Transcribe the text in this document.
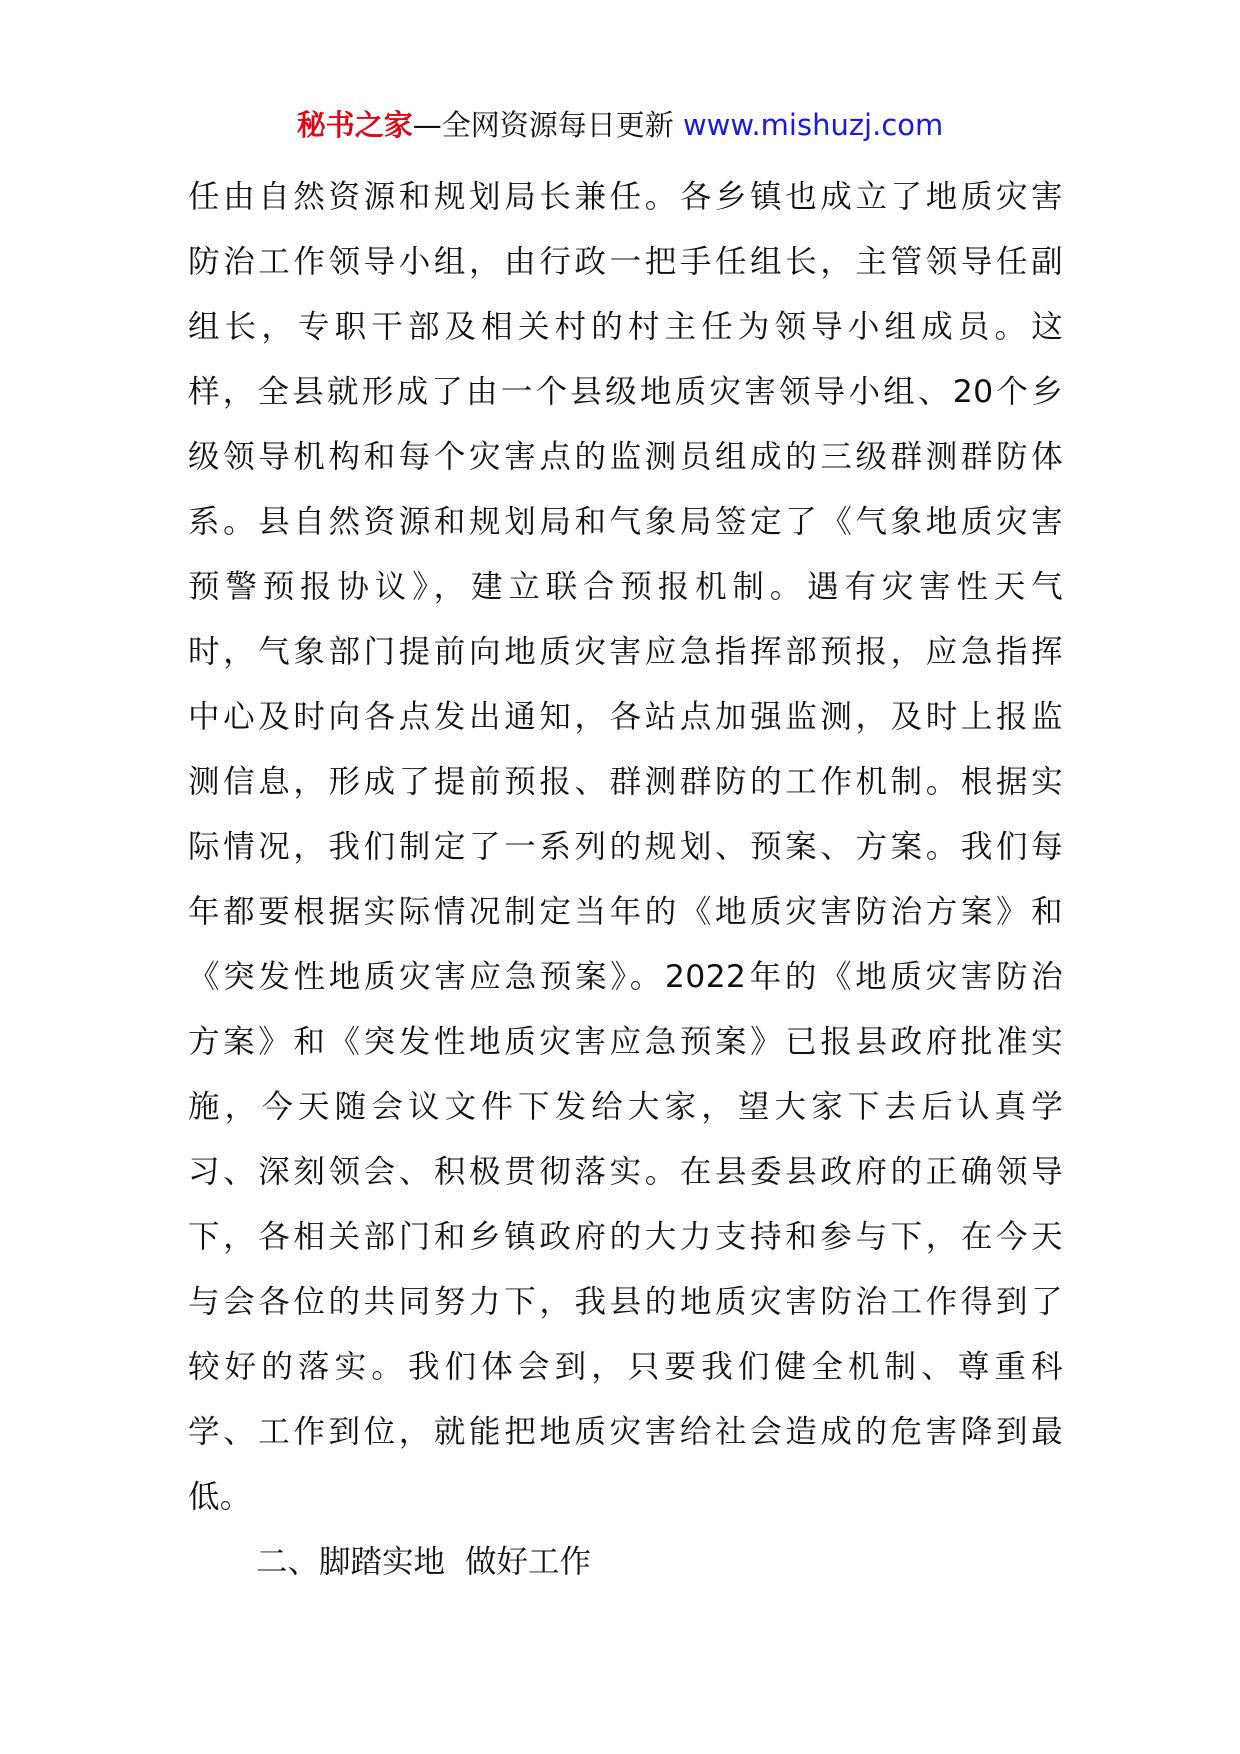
秘书之家—全网资源每日更新 www.mishuzj.com
任由自然资源和规划局长兼任。各乡镇也成立了地质灾害
防治工作领导小组，由行政一把手任组长，主管领导任副
组长，专职干部及相关村的村主任为领导小组成员。这
样，全县就形成了由一个县级地质灾害领导小组、20个乡
级领导机构和每个灾害点的监测员组成的三级群测群防体
系。县自然资源和规划局和气象局签定了《气象地质灾害
预警预报协议》，建立联合预报机制。遇有灾害性天气
时，气象部门提前向地质灾害应急指挥部预报，应急指挥
中心及时向各点发出通知，各站点加强监测，及时上报监
测信息，形成了提前预报、群测群防的工作机制。根据实
际情况，我们制定了一系列的规划、预案、方案。我们每
年都要根据实际情况制定当年的《地质灾害防治方案》和
《突发性地质灾害应急预案》。2022年的《地质灾害防治
方案》和《突发性地质灾害应急预案》已报县政府批准实
施，今天随会议文件下发给大家，望大家下去后认真学
习、深刻领会、积极贯彻落实。在县委县政府的正确领导
下，各相关部门和乡镇政府的大力支持和参与下，在今天
与会各位的共同努力下，我县的地质灾害防治工作得到了
较好的落实。我们体会到，只要我们健全机制、尊重科
学、工作到位，就能把地质灾害给社会造成的危害降到最
低。
二、脚踏实地  做好工作
